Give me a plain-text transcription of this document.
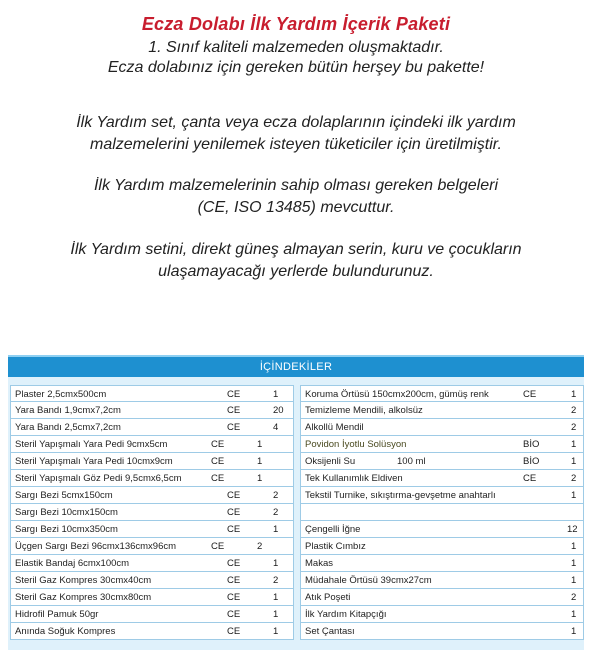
Ecza Dolabı İlk Yardım İçerik Paketi
1. Sınıf kaliteli malzemeden oluşmaktadır.
Ecza dolabınız için gereken bütün herşey bu pakette!
İlk Yardım set, çanta veya ecza dolaplarının içindeki ilk yardım
malzemelerini yenilemek isteyen tüketiciler için üretilmiştir.
İlk Yardım malzemelerinin sahip olması gereken belgeleri
(CE, ISO 13485) mevcuttur.
İlk Yardım setini, direkt güneş almayan serin, kuru ve çocukların
ulaşamayacağı yerlerde bulundurunuz.
İÇİNDEKİLER
Plaster 2,5cmx500cm	CE	1
Yara Bandı 1,9cmx7,2cm	CE	20
Yara Bandı 2,5cmx7,2cm	CE	4
Steril Yapışmalı Yara Pedi 9cmx5cm	CE	1
Steril Yapışmalı Yara Pedi 10cmx9cm	CE	1
Steril Yapışmalı Göz Pedi 9,5cmx6,5cm	CE	1
Sargı Bezi 5cmx150cm	CE	2
Sargı Bezi 10cmx150cm	CE	2
Sargı Bezi 10cmx350cm	CE	1
Üçgen Sargı Bezi 96cmx136cmx96cm	CE	2
Elastik Bandaj 6cmx100cm	CE	1
Steril Gaz Kompres 30cmx40cm	CE	2
Steril Gaz Kompres 30cmx80cm	CE	1
Hidrofil Pamuk 50gr	CE	1
Anında Soğuk Kompres	CE	1
Koruma Örtüsü 150cmx200cm, gümüş renk	CE	1
Temizleme Mendili, alkolsüz	2
Alkollü Mendil	2
Povidon İyotlu Solüsyon	BİO	1
Oksijenli Su	100 ml	BİO	1
Tek Kullanımlık Eldiven	CE	2
Tekstil Turnike, sıkıştırma-gevşetme anahtarlı	1
Çengelli İğne	12
Plastik Cımbız	1
Makas	1
Müdahale Örtüsü 39cmx27cm	1
Atık Poşeti	2
İlk Yardım Kitapçığı	1
Set Çantası	1
